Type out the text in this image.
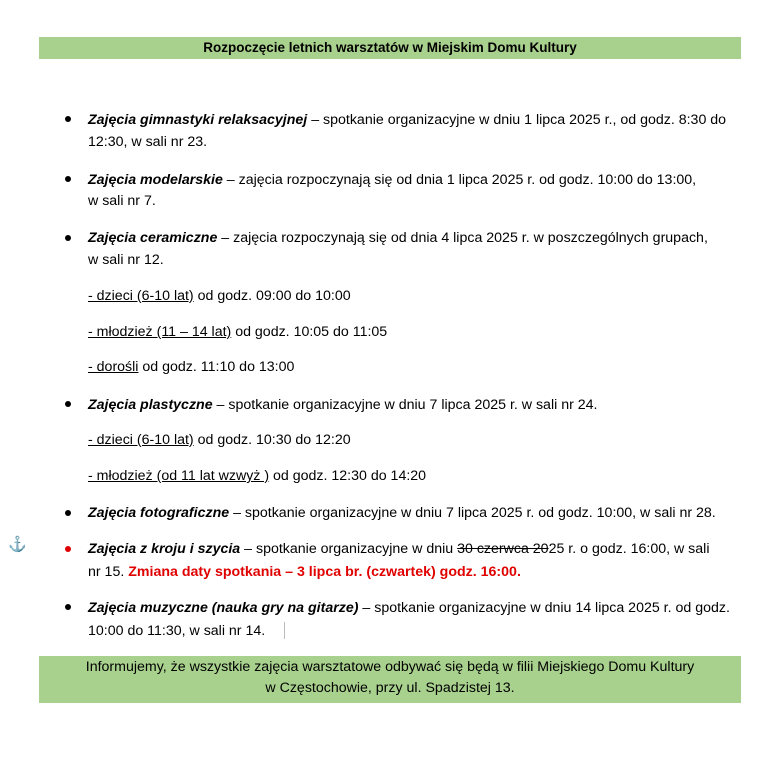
Rozpoczęcie letnich warsztatów w Miejskim Domu Kultury
⚓
Zajęcia gimnastyki relaksacyjnej – spotkanie organizacyjne w dniu 1 lipca 2025 r., od godz. 8:30 do
12:30, w sali nr 23.
Zajęcia modelarskie – zajęcia rozpoczynają się od dnia 1 lipca 2025 r. od godz. 10:00 do 13:00,
w sali nr 7.
Zajęcia ceramiczne – zajęcia rozpoczynają się od dnia 4 lipca 2025 r. w poszczególnych grupach,
w sali nr 12.
- dzieci (6-10 lat) od godz. 09:00 do 10:00
- młodzież (11 – 14 lat) od godz. 10:05 do 11:05
- dorośli od godz. 11:10 do 13:00
Zajęcia plastyczne – spotkanie organizacyjne w dniu 7 lipca 2025 r. w sali nr 24.
- dzieci (6-10 lat) od godz. 10:30 do 12:20
- młodzież (od 11 lat wzwyż ) od godz. 12:30 do 14:20
Zajęcia fotograficzne – spotkanie organizacyjne w dniu 7 lipca 2025 r. od godz. 10:00, w sali nr 28.
Zajęcia z kroju i szycia – spotkanie organizacyjne w dniu 30 czerwca 2025 r. o godz. 16:00, w sali
nr 15. Zmiana daty spotkania – 3 lipca br. (czwartek) godz. 16:00.
Zajęcia muzyczne (nauka gry na gitarze) – spotkanie organizacyjne w dniu 14 lipca 2025 r. od godz.
10:00 do 11:30, w sali nr 14.
Informujemy, że wszystkie zajęcia warsztatowe odbywać się będą w filii Miejskiego Domu Kultury
w Częstochowie, przy ul. Spadzistej 13.
